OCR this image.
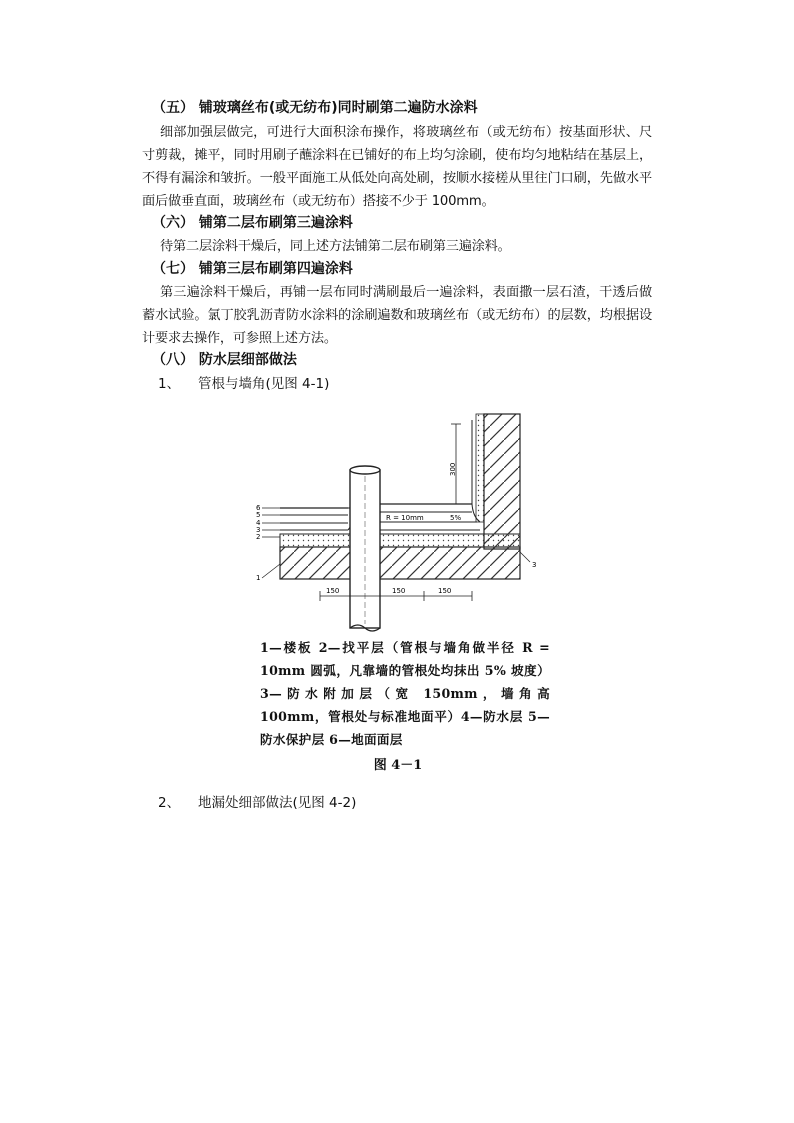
（五） 铺玻璃丝布(或无纺布)同时刷第二遍防水涂料
细部加强层做完，可进行大面积涂布操作，将玻璃丝布（或无纺布）按基面形状、尺寸剪裁，摊平，同时用刷子蘸涂料在已铺好的布上均匀涂刷，使布均匀地粘结在基层上，不得有漏涂和皱折。一般平面施工从低处向高处刷，按顺水接槎从里往门口刷，先做水平面后做垂直面，玻璃丝布（或无纺布）搭接不少于 100mm。
（六） 铺第二层布刷第三遍涂料
待第二层涂料干燥后，同上述方法铺第二层布刷第三遍涂料。
（七） 铺第三层布刷第四遍涂料
第三遍涂料干燥后，再铺一层布同时满刷最后一遍涂料，表面撒一层石渣，干透后做蓄水试验。氯丁胶乳沥青防水涂料的涂刷遍数和玻璃丝布（或无纺布）的层数，均根据设计要求去操作，可参照上述方法。
（八） 防水层细部做法
1、 管根与墙角(见图 4-1)
300
R = 10mm	5%
6
5
4
3
2
1
3
150	150	150
1—楼板 2—找平层（管根与墙角做半径 R = 10mm 圆弧，凡靠墙的管根处均抹出 5% 坡度）3—防水附加层（宽 150mm，墙角高 100mm，管根处与标准地面平）4—防水层 5—防水保护层 6—地面面层
图 4－1
2、 地漏处细部做法(见图 4-2)
